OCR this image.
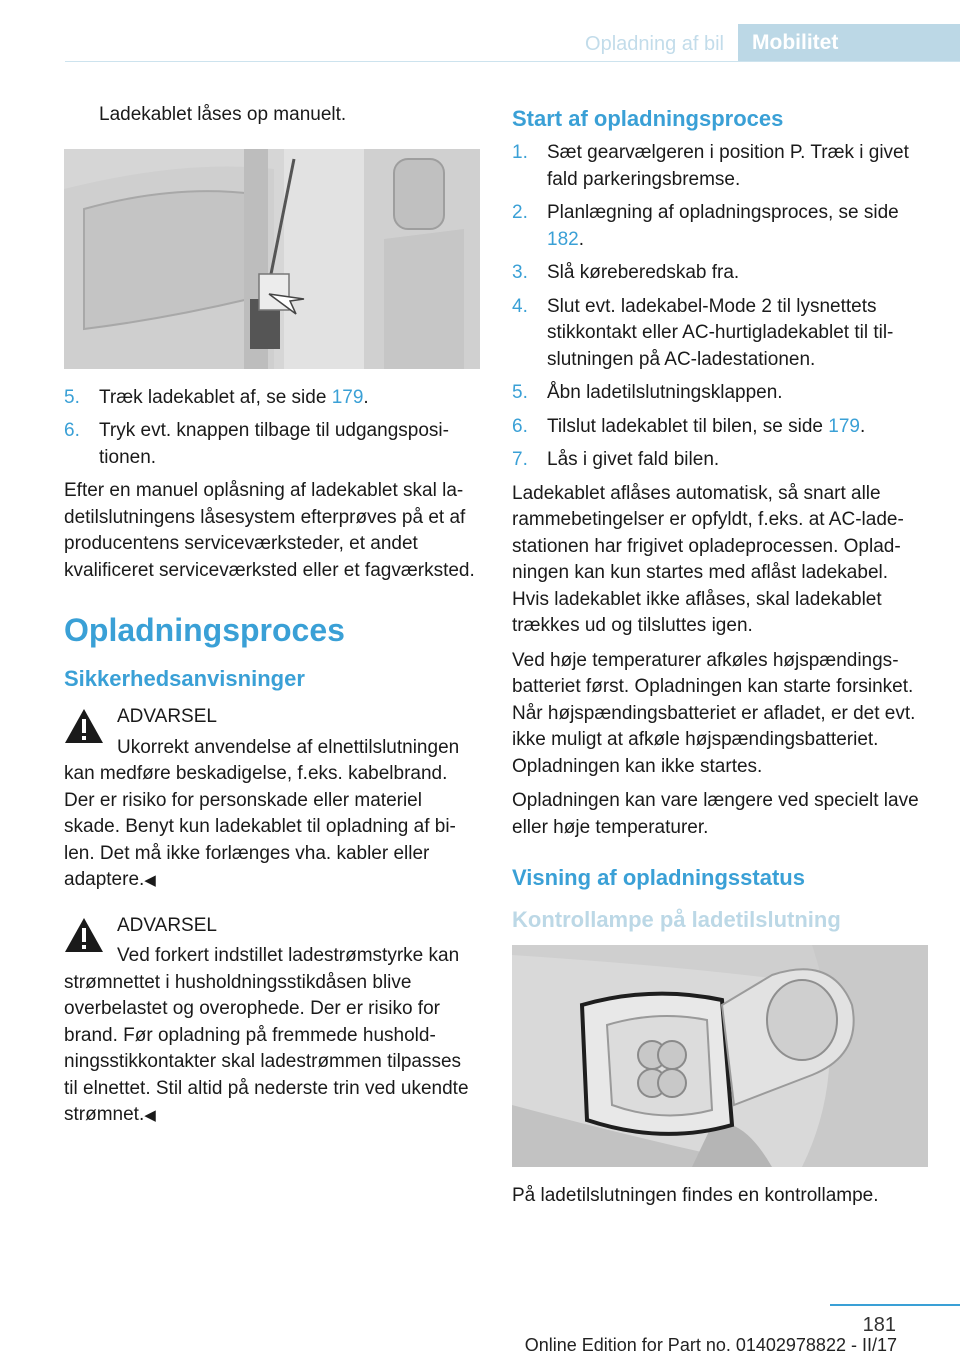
Opladning af bil	Mobilitet

Ladekablet låses op manuelt.

5. Træk ladekablet af, se side 179.
6. Tryk evt. knappen tilbage til udgangspositionen.

Efter en manuel oplåsning af ladekablet skal ladetilslutningens låsesystem efterprøves på et af producentens serviceværksteder, et andet kvalificeret serviceværksted eller et fagværksted.

Opladningsproces
Sikkerhedsanvisninger
ADVARSEL
Ukorrekt anvendelse af elnettilslutningen
kan medføre beskadigelse, f.eks. kabelbrand. Der er risiko for personskade eller materiel skade. Benyt kun ladekablet til opladning af bilen. Det må ikke forlænges vha. kabler eller adaptere.◀
ADVARSEL
Ved forkert indstillet ladestrømstyrke kan
strømnettet i husholdningsstikdåsen blive overbelastet og overophede. Der er risiko for brand. Før opladning på fremmede husholdningsstikkontakter skal ladestrømmen tilpasses til elnettet. Stil altid på nederste trin ved ukendte strømnet.◀
Start af opladningsproces
1. Sæt gearvælgeren i position P. Træk i givet fald parkeringsbremse.
2. Planlægning af opladningsproces, se side 182.
3. Slå køreberedskab fra.
4. Slut evt. ladekabel-Mode 2 til lysnettets stikkontakt eller AC-hurtigladekablet til tilslutningen på AC-ladestationen.
5. Åbn ladetilslutningsklappen.
6. Tilslut ladekablet til bilen, se side 179.
7. Lås i givet fald bilen.

Ladekablet aflåses automatisk, så snart alle rammebetingelser er opfyldt, f.eks. at AC-ladestationen har frigivet opladeprocessen. Opladningen kan kun startes med aflåst ladekabel. Hvis ladekablet ikke aflåses, skal ladekablet trækkes ud og tilsluttes igen.

Ved høje temperaturer afkøles højspændingsbatteriet først. Opladningen kan starte forsinket. Når højspændingsbatteriet er afladet, er det evt. ikke muligt at afkøle højspændingsbatteriet. Opladningen kan ikke startes.

Opladningen kan vare længere ved specielt lave eller høje temperaturer.

Visning af opladningsstatus
Kontrollampe på ladetilslutning

På ladetilslutningen findes en kontrollampe.

181
Online Edition for Part no. 01402978822 - II/17
